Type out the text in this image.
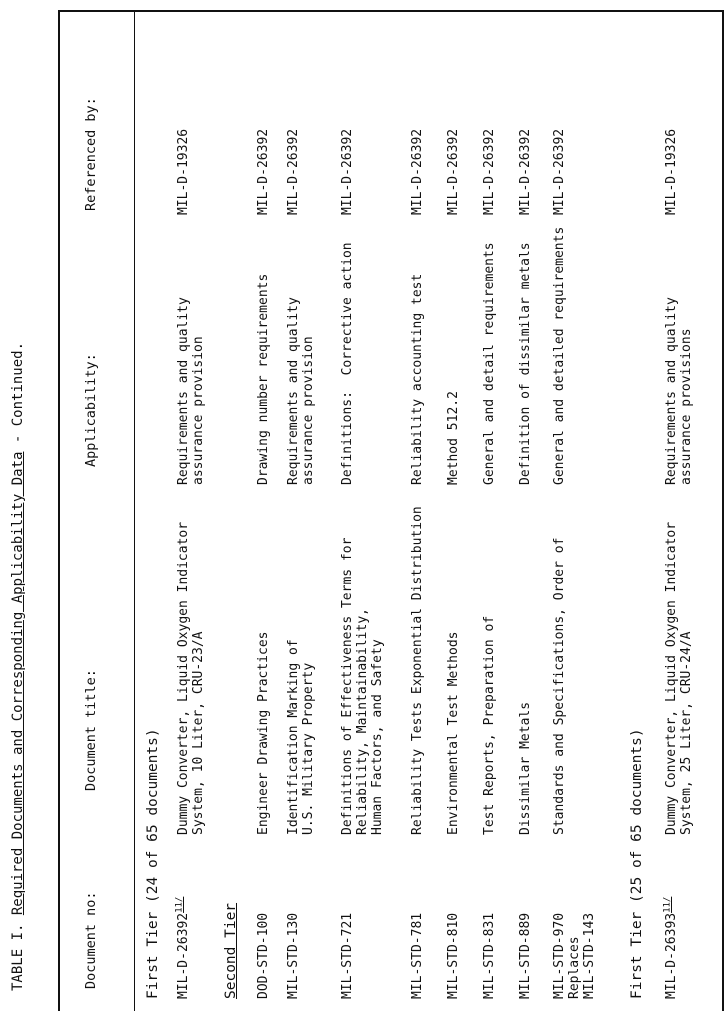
TABLE I. Required Documents and Corresponding Applicability Data - Continued.
Document no:
Document title:
Applicability:
Referenced by:
First Tier (24 of 65 documents) MIL-D-26392$^{11/}$
Dummy Converter, Liquid Oxygen Indicator
System, 10 Liter, CRU-23/A
Requirements and quality
assurance provision
MIL-D-19326
Second Tier DOD-STD-100
Engineer Drawing Practices
Drawing number requirements
MIL-D-26392
MIL-STD-130
Identification Marking of
U.S. Military Property
Requirements and quality
assurance provision
MIL-D-26392
MIL-STD-721
Definitions of Effectiveness Terms for
Reliability, Maintainability,
Human Factors, and Safety
Definitions:  Corrective action
MIL-D-26392
MIL-STD-781
Reliability Tests Exponential Distribution
Reliability accounting test
MIL-D-26392
MIL-STD-810
Environmental Test Methods
Method 512.2
MIL-D-26392
MIL-STD-831
Test Reports, Preparation of
General and detail requirements
MIL-D-26392
MIL-STD-889
Dissimilar Metals
Definition of dissimilar metals
MIL-D-26392
MIL-STD-970
Replaces
MIL-STD-143
Standards and Specifications, Order of
General and detailed requirements
MIL-D-26392
First Tier (25 of 65 documents) MIL-D-26393$^{11/}$
Dummy Converter, Liquid Oxygen Indicator
System, 25 Liter, CRU-24/A
Requirements and quality
assurance provisions
MIL-D-19326
